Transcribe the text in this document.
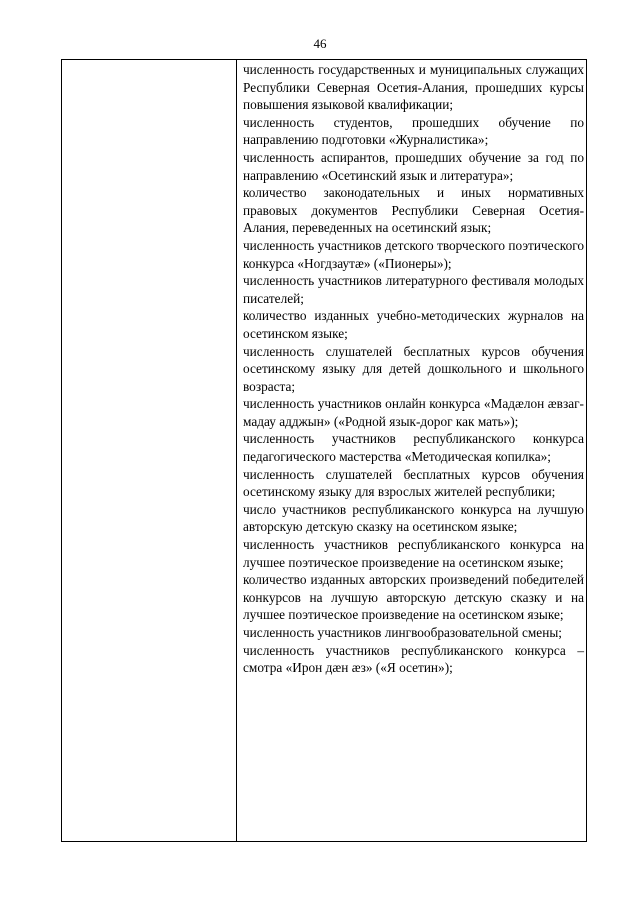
46

численность государственных и муниципальных служащих Республики Северная Осетия-Алания, прошедших курсы повышения языковой квалификации;

численность студентов, прошедших обучение по направлению подготовки «Журналистика»;

численность аспирантов, прошедших обучение за год по направлению «Осетинский язык и литература»;

количество законодательных и иных нормативных правовых документов Республики Северная Осетия-Алания, переведенных на осетинский язык;

численность участников детского творческого поэтического конкурса «Ногдзаутæ» («Пионеры»);

численность участников литературного фестиваля молодых писателей;

количество изданных учебно-методических журналов на осетинском языке;

численность слушателей бесплатных курсов обучения осетинскому языку для детей дошкольного и школьного возраста;

численность участников онлайн конкурса «Мадæлон æвзаг-мадау адджын» («Родной язык-дорог как мать»);

численность участников республиканского конкурса педагогического мастерства «Методическая копилка»;

численность слушателей бесплатных курсов обучения осетинскому языку для взрослых жителей республики;

число участников республиканского конкурса на лучшую авторскую детскую сказку на осетинском языке;

численность участников республиканского конкурса на лучшее поэтическое произведение на осетинском языке;

количество изданных авторских произведений победителей конкурсов на лучшую авторскую детскую сказку и на лучшее поэтическое произведение на осетинском языке;

численность участников лингвообразовательной смены;

численность участников республиканского конкурса – смотра «Ирон дæн æз» («Я осетин»);
